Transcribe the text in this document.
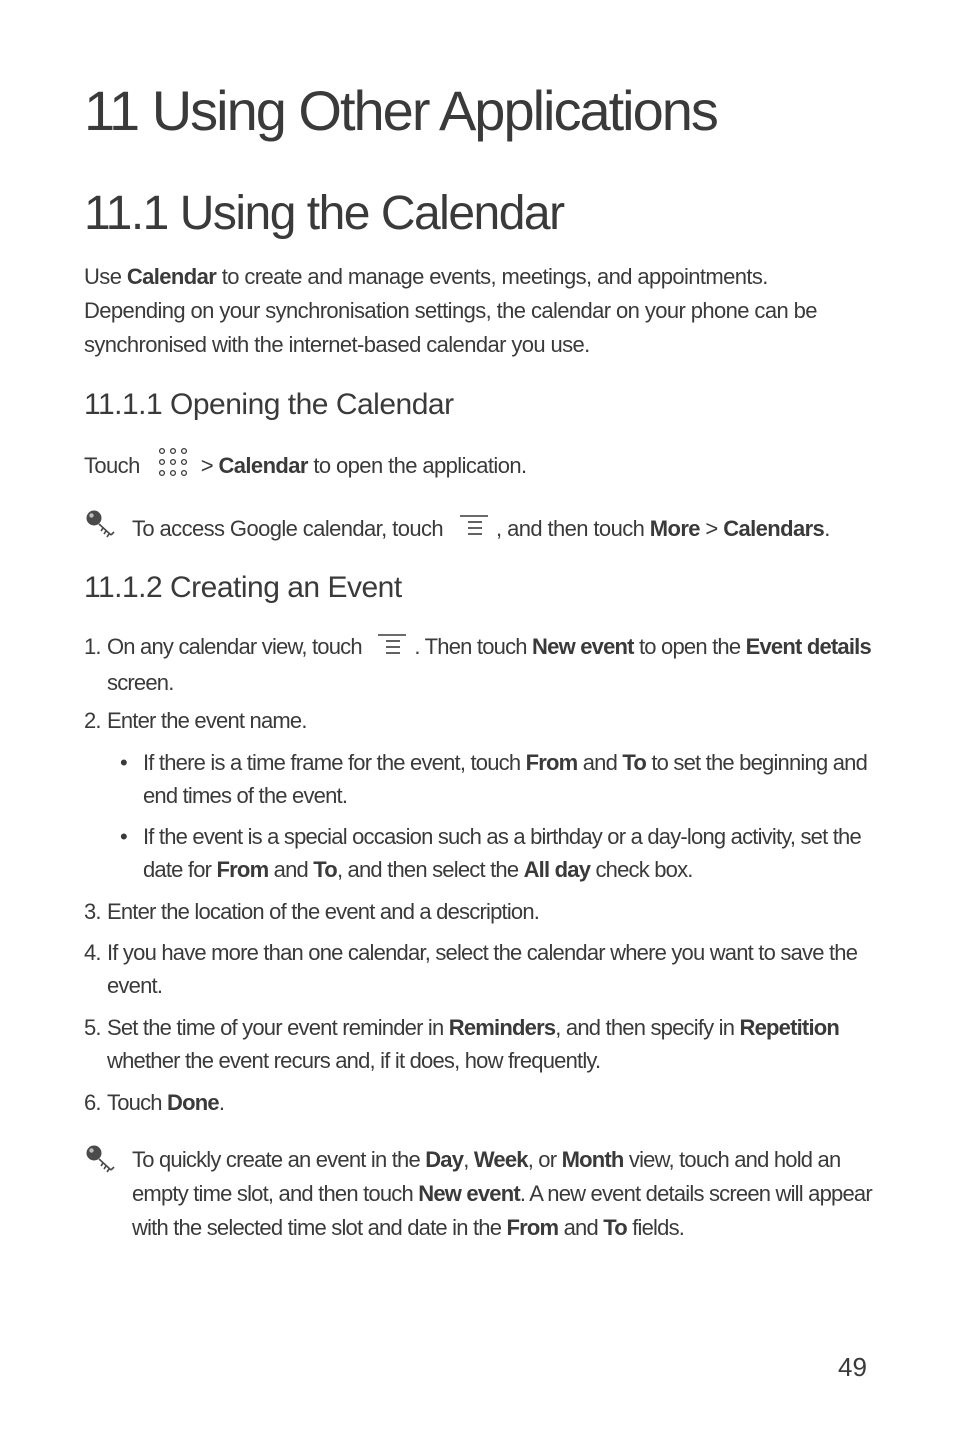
11 Using Other Applications
11.1 Using the Calendar

Use Calendar to create and manage events, meetings, and appointments. Depending on your synchronisation settings, the calendar on your phone can be synchronised with the internet-based calendar you use.

11.1.1 Opening the Calendar

Touch  > Calendar to open the application.

To access Google calendar, touch  , and then touch More > Calendars.

11.1.2 Creating an Event
1. On any calendar view, touch  . Then touch New event to open the Event details screen.
2. Enter the event name.
• If there is a time frame for the event, touch From and To to set the beginning and end times of the event.
• If the event is a special occasion such as a birthday or a day-long activity, set the date for From and To, and then select the All day check box.
3. Enter the location of the event and a description.
4. If you have more than one calendar, select the calendar where you want to save the event.
5. Set the time of your event reminder in Reminders, and then specify in Repetition whether the event recurs and, if it does, how frequently.
6. Touch Done.

To quickly create an event in the Day, Week, or Month view, touch and hold an empty time slot, and then touch New event. A new event details screen will appear with the selected time slot and date in the From and To fields.

49
